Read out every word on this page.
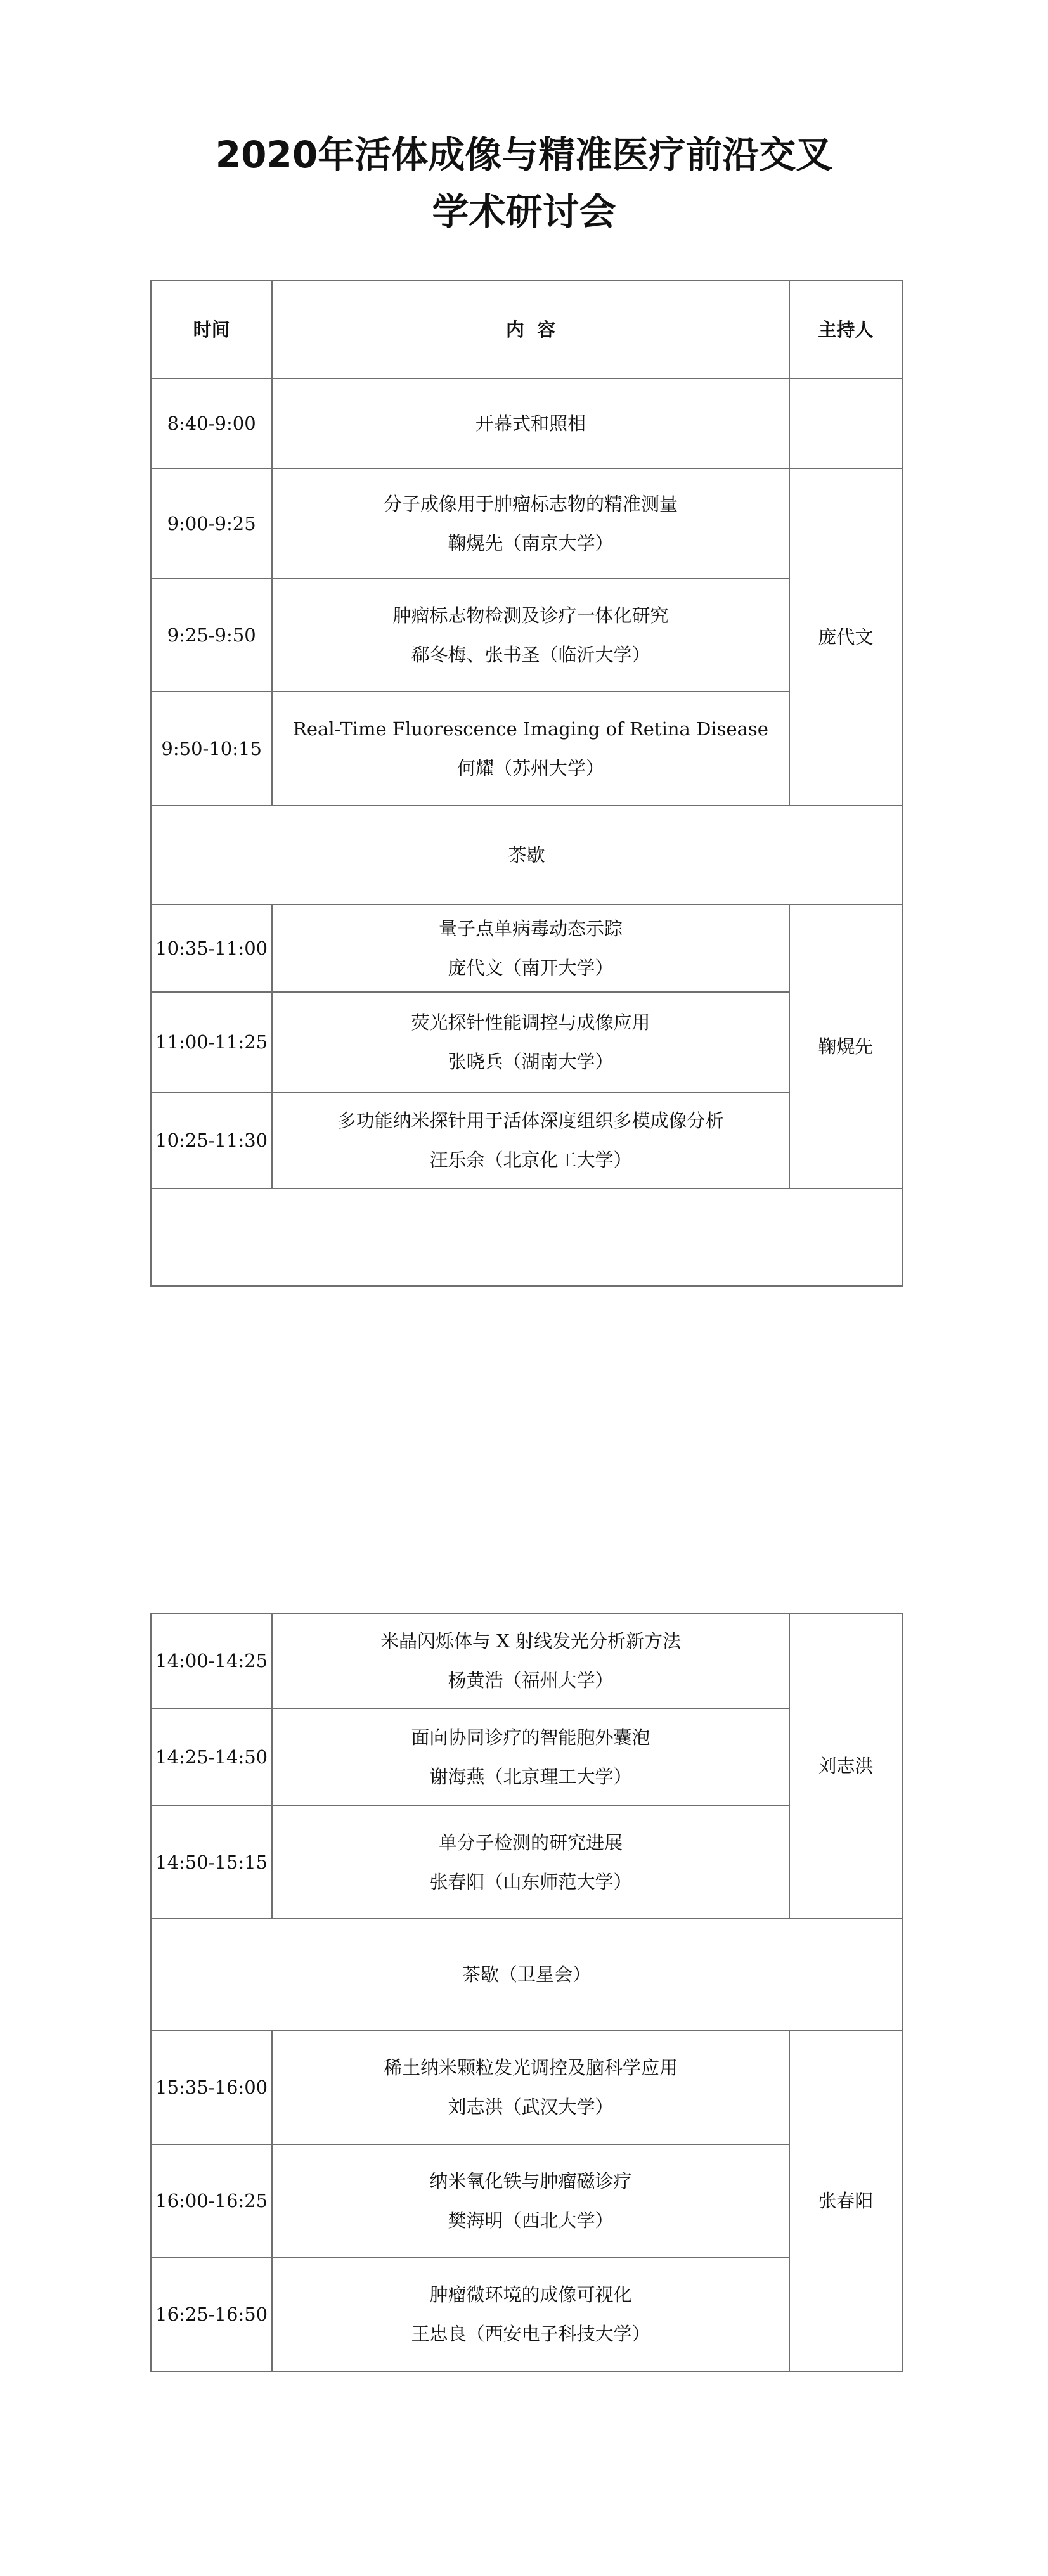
2020年活体成像与精准医疗前沿交叉
学术研讨会
时间	内  容	主持人
8:40-9:00	开幕式和照相	
9:00-9:25	分子成像用于肿瘤标志物的精准测量
鞠熀先（南京大学）	庞代文
9:25-9:50	肿瘤标志物检测及诊疗一体化研究
郗冬梅、张书圣（临沂大学）	

9:50-10:15	Real-Time Fluorescence Imaging of Retina Disease
何耀（苏州大学）	

茶歇		
10:35-11:00	量子点单病毒动态示踪
庞代文（南开大学）	鞠熀先
11:00-11:25	荧光探针性能调控与成像应用
张晓兵（湖南大学）	

10:25-11:30	多功能纳米探针用于活体深度组织多模成像分析
汪乐余（北京化工大学）	

14:00-14:25	米晶闪烁体与 X 射线发光分析新方法
杨黄浩（福州大学）	刘志洪
14:25-14:50	面向协同诊疗的智能胞外囊泡
谢海燕（北京理工大学）	

14:50-15:15	单分子检测的研究进展
张春阳（山东师范大学）	

茶歇（卫星会）		
15:35-16:00	稀土纳米颗粒发光调控及脑科学应用
刘志洪（武汉大学）	张春阳
16:00-16:25	纳米氧化铁与肿瘤磁诊疗
樊海明（西北大学）	

16:25-16:50	肿瘤微环境的成像可视化
王忠良（西安电子科技大学）	
